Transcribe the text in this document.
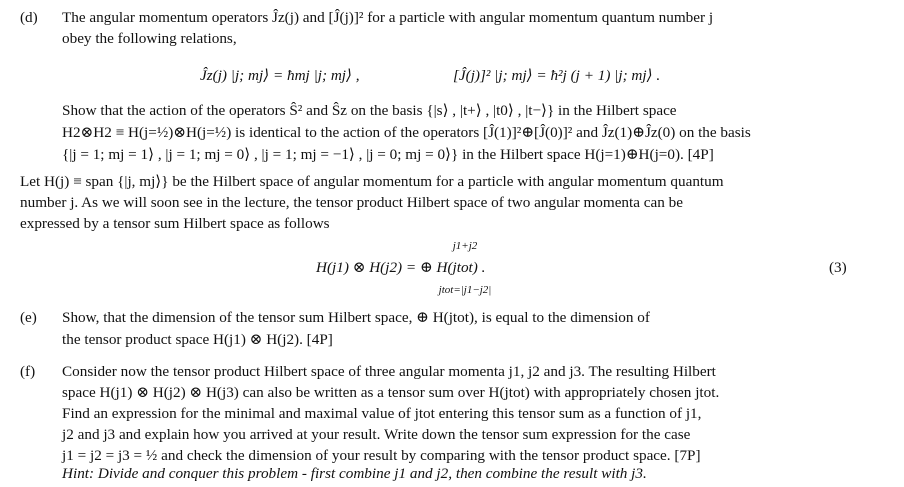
(d) The angular momentum operators Ĵz(j) and [Ĵ(j)]² for a particle with angular momentum quantum number j
obey the following relations,
Ĵz(j) |j; mj⟩ = ħmj |j; mj⟩ ,	[Ĵ(j)]² |j; mj⟩ = ħ²j (j + 1) |j; mj⟩ .
Show that the action of the operators Ŝ² and Ŝz on the basis {|s⟩ , |t+⟩ , |t0⟩ , |t−⟩} in the Hilbert space
H2⊗H2 ≡ H(j=½)⊗H(j=½) is identical to the action of the operators [Ĵ(1)]²⊕[Ĵ(0)]² and Ĵz(1)⊕Ĵz(0) on the basis
{|j = 1; mj = 1⟩ , |j = 1; mj = 0⟩ , |j = 1; mj = −1⟩ , |j = 0; mj = 0⟩} in the Hilbert space H(j=1)⊕H(j=0). [4P]
Let H(j) ≡ span {|j, mj⟩} be the Hilbert space of angular momentum for a particle with angular momentum quantum
number j. As we will soon see in the lecture, the tensor product Hilbert space of two angular momenta can be
expressed by a tensor sum Hilbert space as follows
j1+j2
H(j1) ⊗ H(j2) = ⊕ H(jtot) .
jtot=|j1−j2|
(3)
(e) Show, that the dimension of the tensor sum Hilbert space, ⊕ H(jtot), is equal to the dimension of
the tensor product space H(j1) ⊗ H(j2). [4P]
(f) Consider now the tensor product Hilbert space of three angular momenta j1, j2 and j3. The resulting Hilbert
space H(j1) ⊗ H(j2) ⊗ H(j3) can also be written as a tensor sum over H(jtot) with appropriately chosen jtot.
Find an expression for the minimal and maximal value of jtot entering this tensor sum as a function of j1,
j2 and j3 and explain how you arrived at your result. Write down the tensor sum expression for the case
j1 = j2 = j3 = ½ and check the dimension of your result by comparing with the tensor product space. [7P]
Hint: Divide and conquer this problem - first combine j1 and j2, then combine the result with j3.
